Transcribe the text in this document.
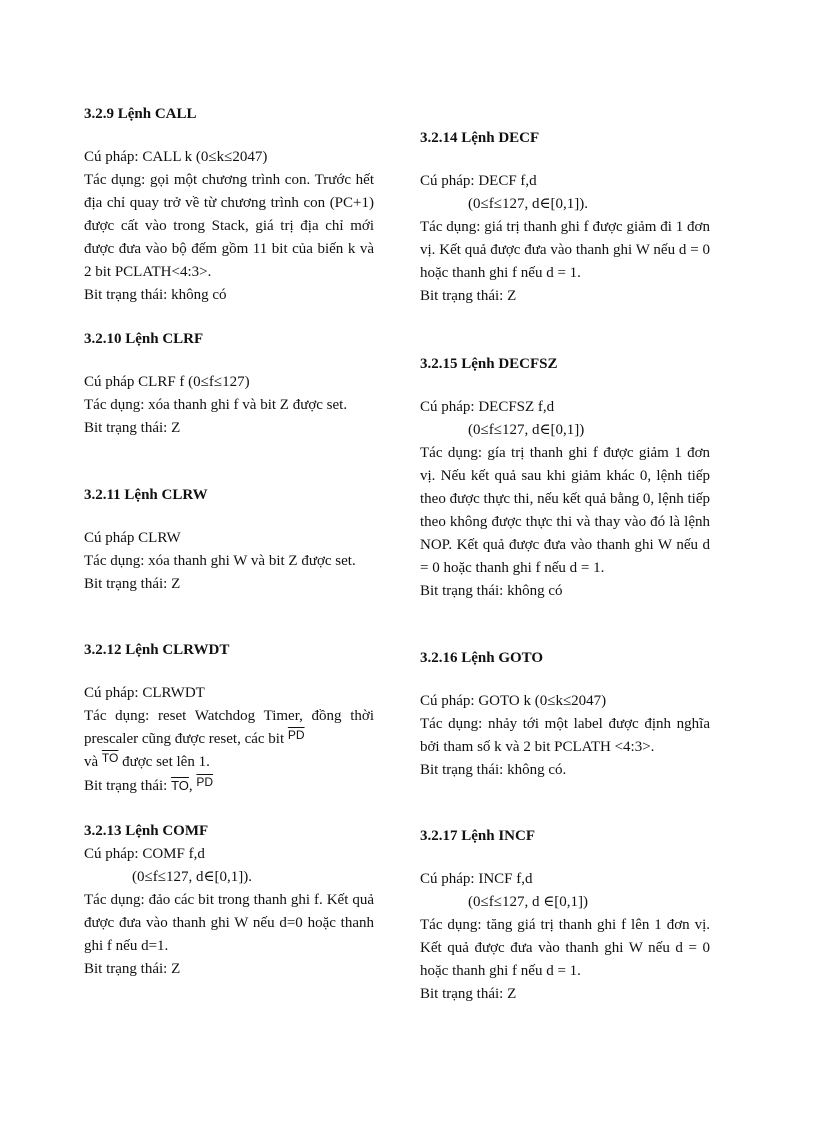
3.2.9 Lệnh CALL

Cú pháp: CALL k (0≤k≤2047)

Tác dụng: gọi một chương trình con. Trước hết địa chỉ quay trở về từ chương trình con (PC+1) được cất vào trong Stack, giá trị địa chỉ mới được đưa vào bộ đếm gồm 11 bit của biến k và 2 bit PCLATH<4:3>.

Bit trạng thái: không có

3.2.10 Lệnh CLRF

Cú pháp CLRF f (0≤f≤127)

Tác dụng: xóa thanh ghi f và bit Z được set.

Bit trạng thái: Z

3.2.11 Lệnh CLRW

Cú pháp CLRW

Tác dụng: xóa thanh ghi W và bit Z được set.

Bit trạng thái: Z

3.2.12 Lệnh CLRWDT

Cú pháp: CLRWDT

Tác dụng: reset Watchdog Timer, đồng thời prescaler cũng được reset, các bit $^{\overline{PD}}$
và $^{\overline{TO}}$ được set lên 1.

Bit trạng thái: $\overline{TO}$, $^{\overline{PD}}$

3.2.13 Lệnh COMF

Cú pháp: COMF f,d

(0≤f≤127, d∈[0,1]).

Tác dụng: đảo các bit trong thanh ghi f. Kết quả được đưa vào thanh ghi W nếu d=0 hoặc thanh ghi f nếu d=1.

Bit trạng thái: Z

3.2.14 Lệnh DECF

Cú pháp: DECF f,d

(0≤f≤127, d∈[0,1]).

Tác dụng: giá trị thanh ghi f được giảm đi 1 đơn vị. Kết quả được đưa vào thanh ghi W nếu d = 0 hoặc thanh ghi f nếu d = 1.

Bit trạng thái: Z

3.2.15 Lệnh DECFSZ

Cú pháp: DECFSZ f,d

(0≤f≤127, d∈[0,1])

Tác dụng: gía trị thanh ghi f được giảm 1 đơn vị. Nếu kết quả sau khi giảm khác 0, lệnh tiếp theo được thực thi, nếu kết quả bằng 0, lệnh tiếp theo không được thực thi và thay vào đó là lệnh NOP. Kết quả được đưa vào thanh ghi W nếu d = 0 hoặc thanh ghi f nếu d = 1.

Bit trạng thái: không có

3.2.16 Lệnh GOTO

Cú pháp: GOTO k (0≤k≤2047)

Tác dụng: nhảy tới một label được định nghĩa bởi tham số k và 2 bit PCLATH <4:3>.

Bit trạng thái: không có.

3.2.17 Lệnh INCF

Cú pháp: INCF f,d

(0≤f≤127, d ∈[0,1])

Tác dụng: tăng giá trị thanh ghi f lên 1 đơn vị. Kết quả được đưa vào thanh ghi W nếu d = 0 hoặc thanh ghi f nếu d = 1.

Bit trạng thái: Z
